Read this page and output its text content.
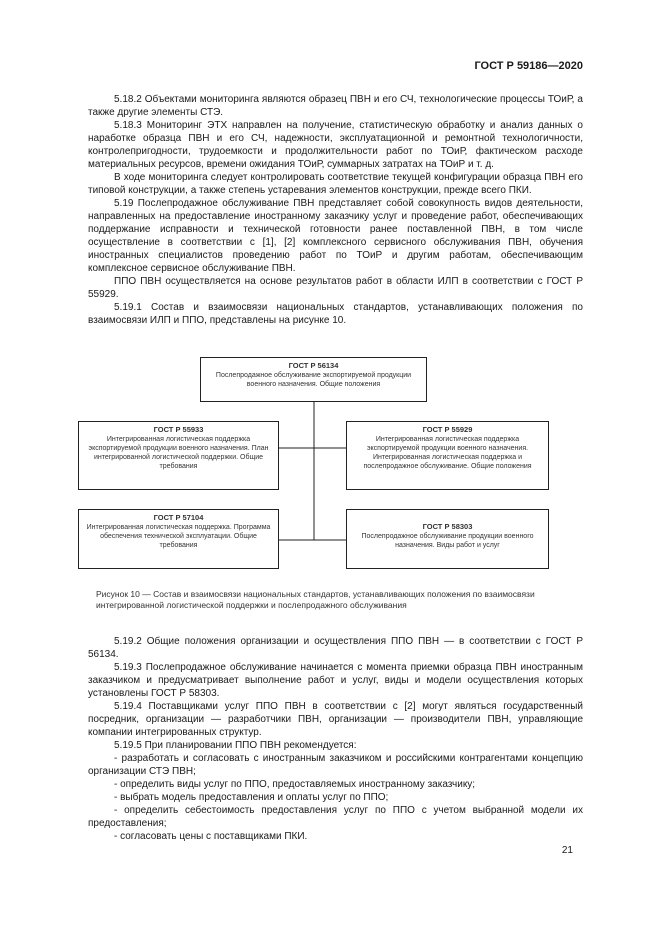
ГОСТ Р 59186—2020

5.18.2 Объектами мониторинга являются образец ПВН и его СЧ, технологические процессы ТОиР, а также другие элементы СТЭ.

5.18.3 Мониторинг ЭТХ направлен на получение, статистическую обработку и анализ данных о наработке образца ПВН и его СЧ, надежности, эксплуатационной и ремонтной технологичности, контролепригодности, трудоемкости и продолжительности работ по ТОиР, фактическом расходе материальных ресурсов, времени ожидания ТОиР, суммарных затратах на ТОиР и т. д.

В ходе мониторинга следует контролировать соответствие текущей конфигурации образца ПВН его типовой конструкции, а также степень устаревания элементов конструкции, прежде всего ПКИ.

5.19 Послепродажное обслуживание ПВН представляет собой совокупность видов деятельности, направленных на предоставление иностранному заказчику услуг и проведение работ, обеспечивающих поддержание исправности и технической готовности ранее поставленной ПВН, в том числе осуществление в соответствии с [1], [2] комплексного сервисного обслуживания ПВН, обучения иностранных специалистов проведению работ по ТОиР и другим работам, обеспечивающим комплексное сервисное обслуживание ПВН.

ППО ПВН осуществляется на основе результатов работ в области ИЛП в соответствии с ГОСТ Р 55929.

5.19.1 Состав и взаимосвязи национальных стандартов, устанавливающих положения по взаимосвязи ИЛП и ППО, представлены на рисунке 10.

ГОСТ Р 56134
Послепродажное обслуживание экспортируемой продукции военного назначения. Общие положения
ГОСТ Р 55933
Интегрированная логистическая поддержка экспортируемой продукции военного назначения. План интегрированной логистической поддержки. Общие требования
ГОСТ Р 55929
Интегрированная логистическая поддержка экспортируемой продукции военного назначения. Интегрированная логистическая поддержка и послепродажное обслуживание. Общие положения
ГОСТ Р 57104
Интегрированная логистическая поддержка. Программа обеспечения технической эксплуатации. Общие требования
ГОСТ Р 58303
Послепродажное обслуживание продукции военного назначения. Виды работ и услуг
Рисунок 10 — Состав и взаимосвязи национальных стандартов, устанавливающих положения по взаимосвязи интегрированной логистической поддержки и послепродажного обслуживания

5.19.2 Общие положения организации и осуществления ППО ПВН — в соответствии с ГОСТ Р 56134.

5.19.3 Послепродажное обслуживание начинается с момента приемки образца ПВН иностранным заказчиком и предусматривает выполнение работ и услуг, виды и модели осуществления которых установлены ГОСТ Р 58303.

5.19.4 Поставщиками услуг ППО ПВН в соответствии с [2] могут являться государственный посредник, организации — разработчики ПВН, организации — производители ПВН, управляющие компании интегрированных структур.

5.19.5 При планировании ППО ПВН рекомендуется:

- разработать и согласовать с иностранным заказчиком и российскими контрагентами концепцию организации СТЭ ПВН;

- определить виды услуг по ППО, предоставляемых иностранному заказчику;

- выбрать модель предоставления и оплаты услуг по ППО;

- определить себестоимость предоставления услуг по ППО с учетом выбранной модели их предоставления;

- согласовать цены с поставщиками ПКИ.

21
